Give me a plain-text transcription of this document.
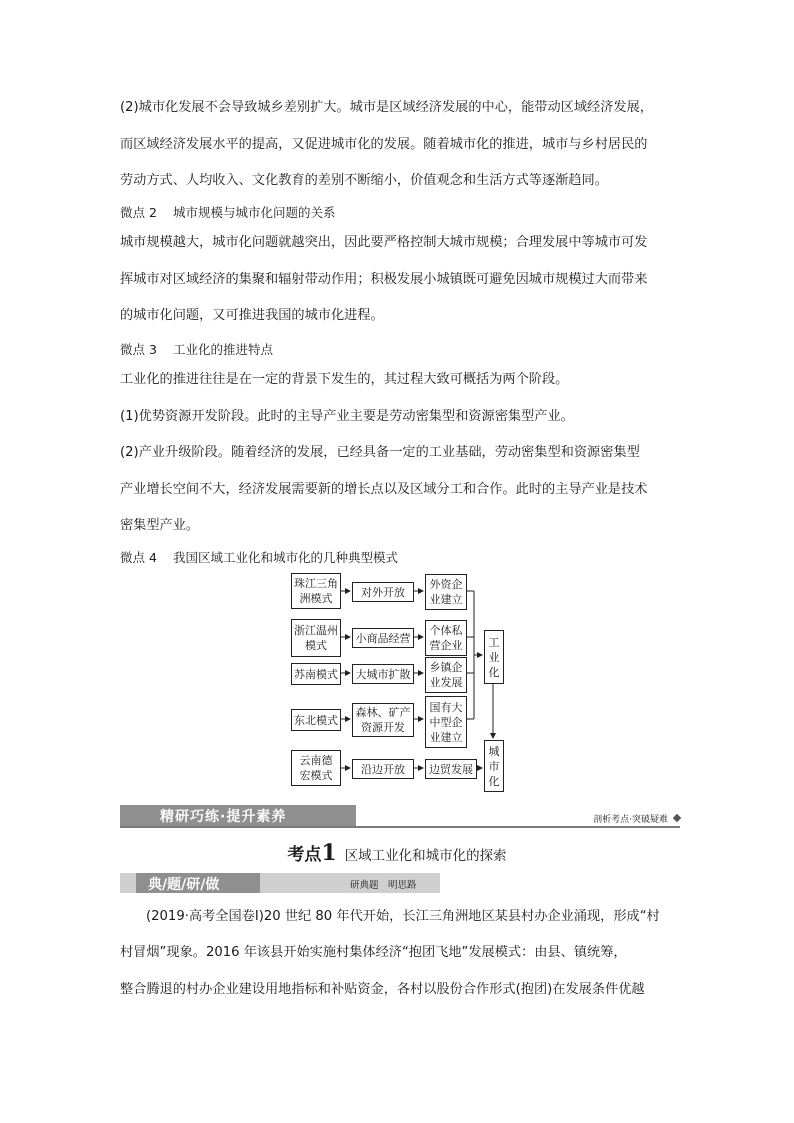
(2)城市化发展不会导致城乡差别扩大。城市是区域经济发展的中心，能带动区域经济发展，
而区域经济发展水平的提高，又促进城市化的发展。随着城市化的推进，城市与乡村居民的
劳动方式、人均收入、文化教育的差别不断缩小，价值观念和生活方式等逐渐趋同。
微点 2 城市规模与城市化问题的关系
城市规模越大，城市化问题就越突出，因此要严格控制大城市规模；合理发展中等城市可发
挥城市对区域经济的集聚和辐射带动作用；积极发展小城镇既可避免因城市规模过大而带来
的城市化问题，又可推进我国的城市化进程。
微点 3 工业化的推进特点
工业化的推进往往是在一定的背景下发生的，其过程大致可概括为两个阶段。
(1)优势资源开发阶段。此时的主导产业主要是劳动密集型和资源密集型产业。
(2)产业升级阶段。随着经济的发展，已经具备一定的工业基础，劳动密集型和资源密集型
产业增长空间不大，经济发展需要新的增长点以及区域分工和合作。此时的主导产业是技术
密集型产业。
微点 4 我国区域工业化和城市化的几种典型模式
珠江三角
洲模式
浙江温州
模式
苏南模式
东北模式
云南德
宏模式
对外开放
小商品经营
大城市扩散
森林、矿产
资源开发
沿边开放
外资企
业建立
个体私
营企业
乡镇企
业发展
国有大
中型企
业建立
边贸发展
工
业
化
城
市
化
精研巧练·提升素养	剖析考点·突破疑难
考点1 区域工业化和城市化的探索
典/题/研/做	研典题　明思路
(2019·高考全国卷Ⅰ)20 世纪 80 年代开始，长江三角洲地区某县村办企业涌现，形成“村
村冒烟”现象。2016 年该县开始实施村集体经济“抱团飞地”发展模式：由县、镇统筹，
整合腾退的村办企业建设用地指标和补贴资金，各村以股份合作形式(抱团)在发展条件优越
